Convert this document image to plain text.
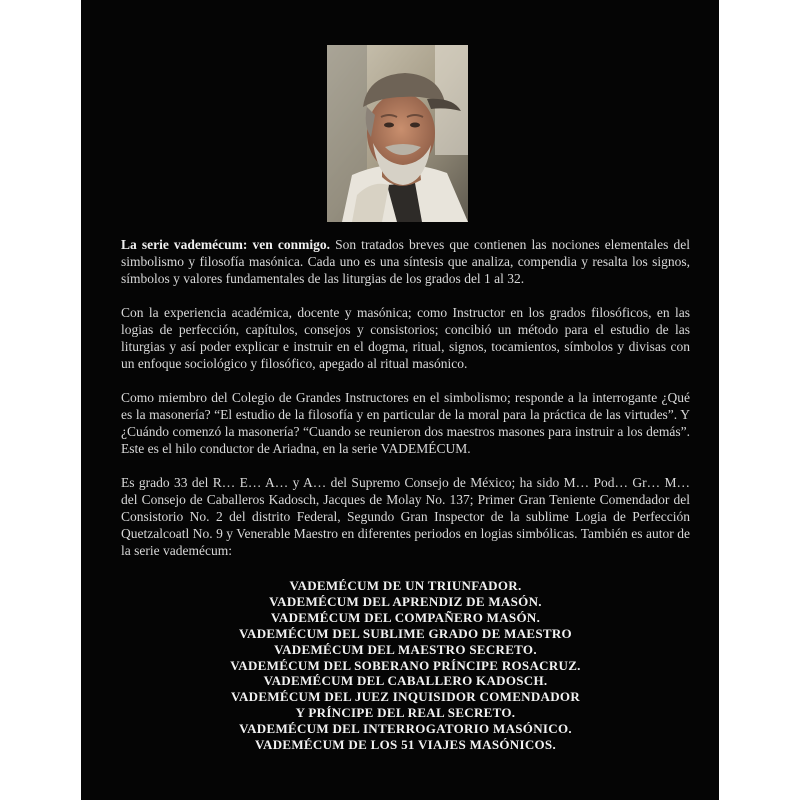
La serie vademécum: ven conmigo. Son tratados breves que contienen las nociones elementales del simbolismo y filosofía masónica. Cada uno es una síntesis que analiza, compendia y resalta los signos, símbolos y valores fundamentales de las liturgias de los grados del 1 al 32.

Con la experiencia académica, docente y masónica; como Instructor en los grados filosóficos, en las logias de perfección, capítulos, consejos y consistorios; concibió un método para el estudio de las liturgias y así poder explicar e instruir en el dogma, ritual, signos, tocamientos, símbolos y divisas con un enfoque sociológico y filosófico, apegado al ritual masónico.

Como miembro del Colegio de Grandes Instructores en el simbolismo; responde a la interrogante ¿Qué es la masonería? “El estudio de la filosofía y en particular de la moral para la práctica de las virtudes”. Y ¿Cuándo comenzó la masonería? “Cuando se reunieron dos maestros masones para instruir a los demás”. Este es el hilo conductor de Ariadna, en la serie VADEMÉCUM.

Es grado 33 del R… E… A… y A… del Supremo Consejo de México; ha sido M… Pod… Gr… M… del Consejo de Caballeros Kadosch, Jacques de Molay No. 137; Primer Gran Teniente Comendador del Consistorio No. 2 del distrito Federal, Segundo Gran Inspector de la sublime Logia de Perfección Quetzalcoatl No. 9 y Venerable Maestro en diferentes periodos en logias simbólicas. También es autor de la serie vademécum:

VADEMÉCUM DE UN TRIUNFADOR.
VADEMÉCUM DEL APRENDIZ DE MASÓN.
VADEMÉCUM DEL COMPAÑERO MASÓN.
VADEMÉCUM DEL SUBLIME GRADO DE MAESTRO
VADEMÉCUM DEL MAESTRO SECRETO.
VADEMÉCUM DEL SOBERANO PRÍNCIPE ROSACRUZ.
VADEMÉCUM DEL CABALLERO KADOSCH.
VADEMÉCUM DEL JUEZ INQUISIDOR COMENDADOR
Y PRÍNCIPE DEL REAL SECRETO.
VADEMÉCUM DEL INTERROGATORIO MASÓNICO.
VADEMÉCUM DE LOS 51 VIAJES MASÓNICOS.
